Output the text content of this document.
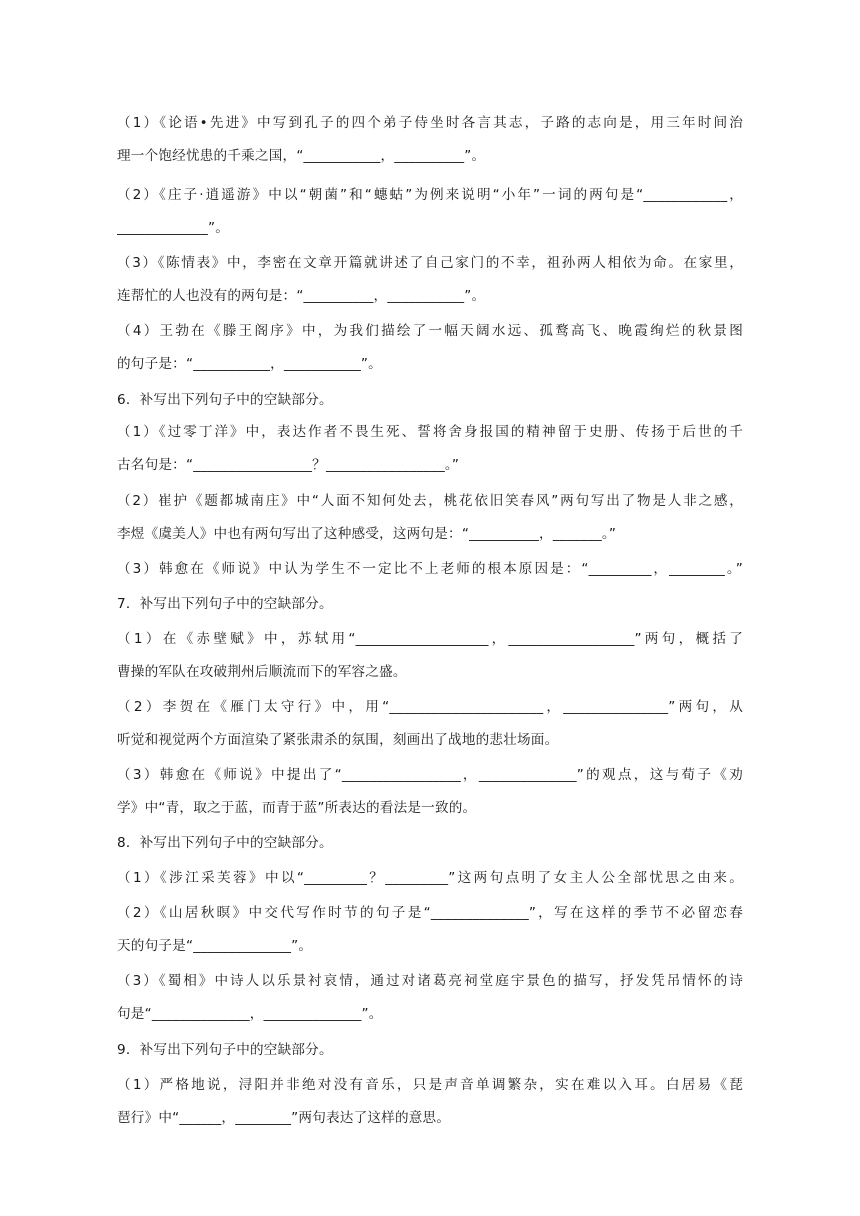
（1）《论语•先进》中写到孔子的四个弟子侍坐时各言其志，子路的志向是，用三年时间治
理一个饱经忧患的千乘之国，“___________，__________”。
（2）《庄子·逍遥游》中以“朝菌”和“蟪蛄”为例来说明“小年”一词的两句是“____________，
_____________”。
（3）《陈情表》中，李密在文章开篇就讲述了自己家门的不幸，祖孙两人相依为命。在家里，
连帮忙的人也没有的两句是：“__________，___________”。
（4）王勃在《滕王阁序》中，为我们描绘了一幅天阔水远、孤鹜高飞、晚霞绚烂的秋景图
的句子是：“___________，___________”。
6．补写出下列句子中的空缺部分。
（1）《过零丁洋》中，表达作者不畏生死、誓将舍身报国的精神留于史册、传扬于后世的千
古名句是：“_________________？_________________。”
（2）崔护《题都城南庄》中“人面不知何处去，桃花依旧笑春风”两句写出了物是人非之感，
李煜《虞美人》中也有两句写出了这种感受，这两句是：“__________，_______。”
（3）韩愈在《师说》中认为学生不一定比不上老师的根本原因是：“_________，________。”
7．补写出下列句子中的空缺部分。
（1）在《赤壁赋》中，苏轼用“___________________，__________________”两句，概括了
曹操的军队在攻破荆州后顺流而下的军容之盛。
（2）李贺在《雁门太守行》中，用“______________________，_______________”两句，从
听觉和视觉两个方面渲染了紧张肃杀的氛围，刻画出了战地的悲壮场面。
（3）韩愈在《师说》中提出了“_________________，______________”的观点，这与荀子《劝
学》中“青，取之于蓝，而青于蓝”所表达的看法是一致的。
8．补写出下列句子中的空缺部分。
（1）《涉江采芙蓉》中以“_________？_________”这两句点明了女主人公全部忧思之由来。
（2）《山居秋暝》中交代写作时节的句子是“______________”，写在这样的季节不必留恋春
天的句子是“______________”。
（3）《蜀相》中诗人以乐景衬哀情，通过对诸葛亮祠堂庭宇景色的描写，抒发凭吊情怀的诗
句是“______________，______________”。
9．补写出下列句子中的空缺部分。
（1）严格地说，浔阳并非绝对没有音乐，只是声音单调繁杂，实在难以入耳。白居易《琵
琶行》中“______，________”两句表达了这样的意思。
